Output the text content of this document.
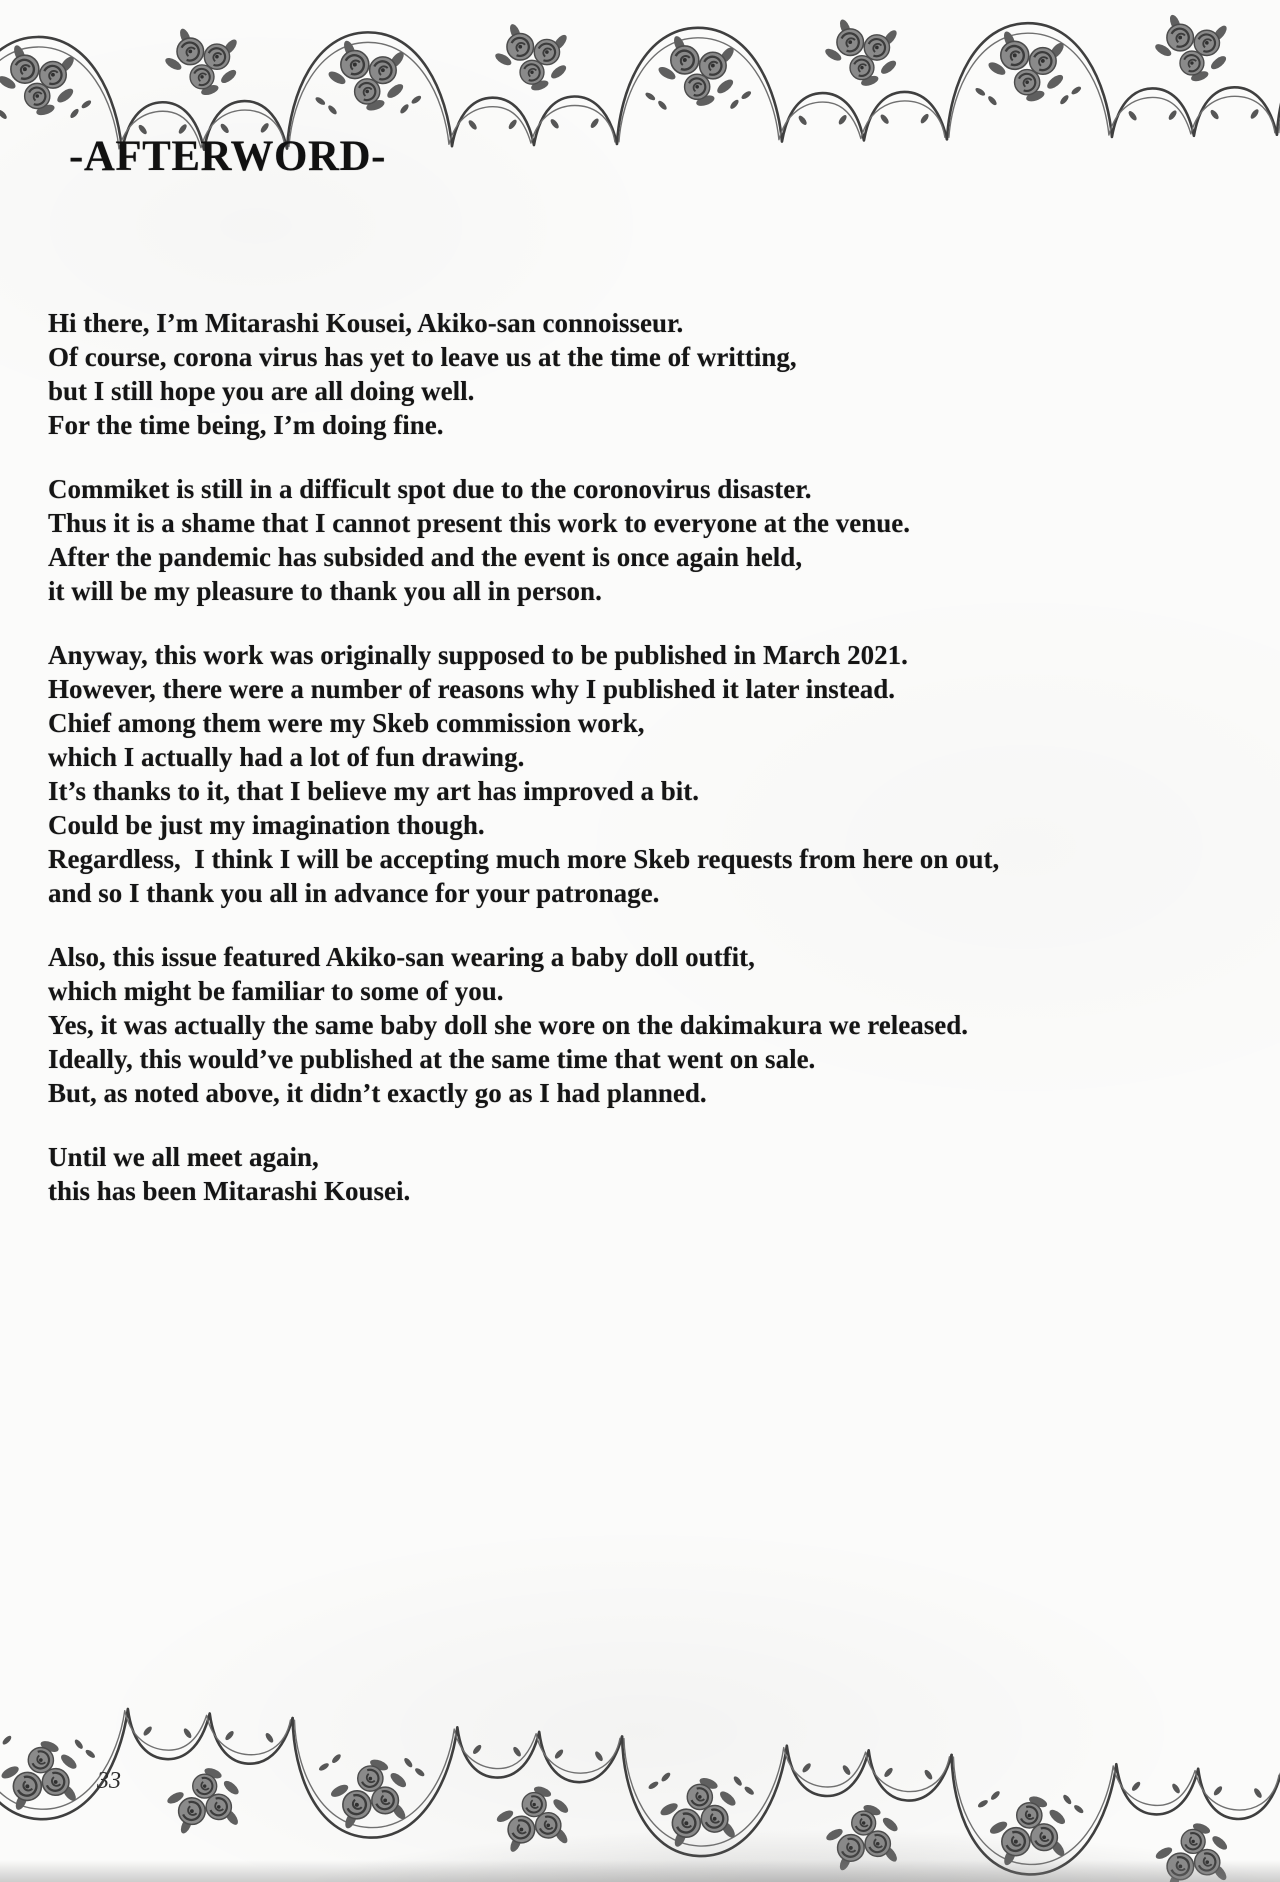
-AFTERWORD-
Hi there, I’m Mitarashi Kousei, Akiko-san connoisseur.
Of course, corona virus has yet to leave us at the time of writting,
but I still hope you are all doing well.
For the time being, I’m doing fine.
Commiket is still in a difficult spot due to the coronovirus disaster.
Thus it is a shame that I cannot present this work to everyone at the venue.
After the pandemic has subsided and the event is once again held,
it will be my pleasure to thank you all in person.
Anyway, this work was originally supposed to be published in March 2021.
However, there were a number of reasons why I published it later instead.
Chief among them were my Skeb commission work,
which I actually had a lot of fun drawing.
It’s thanks to it, that I believe my art has improved a bit.
Could be just my imagination though.
Regardless,  I think I will be accepting much more Skeb requests from here on out,
and so I thank you all in advance for your patronage.
Also, this issue featured Akiko-san wearing a baby doll outfit,
which might be familiar to some of you.
Yes, it was actually the same baby doll she wore on the dakimakura we released.
Ideally, this would’ve published at the same time that went on sale.
But, as noted above, it didn’t exactly go as I had planned.
Until we all meet again,
this has been Mitarashi Kousei.
33
